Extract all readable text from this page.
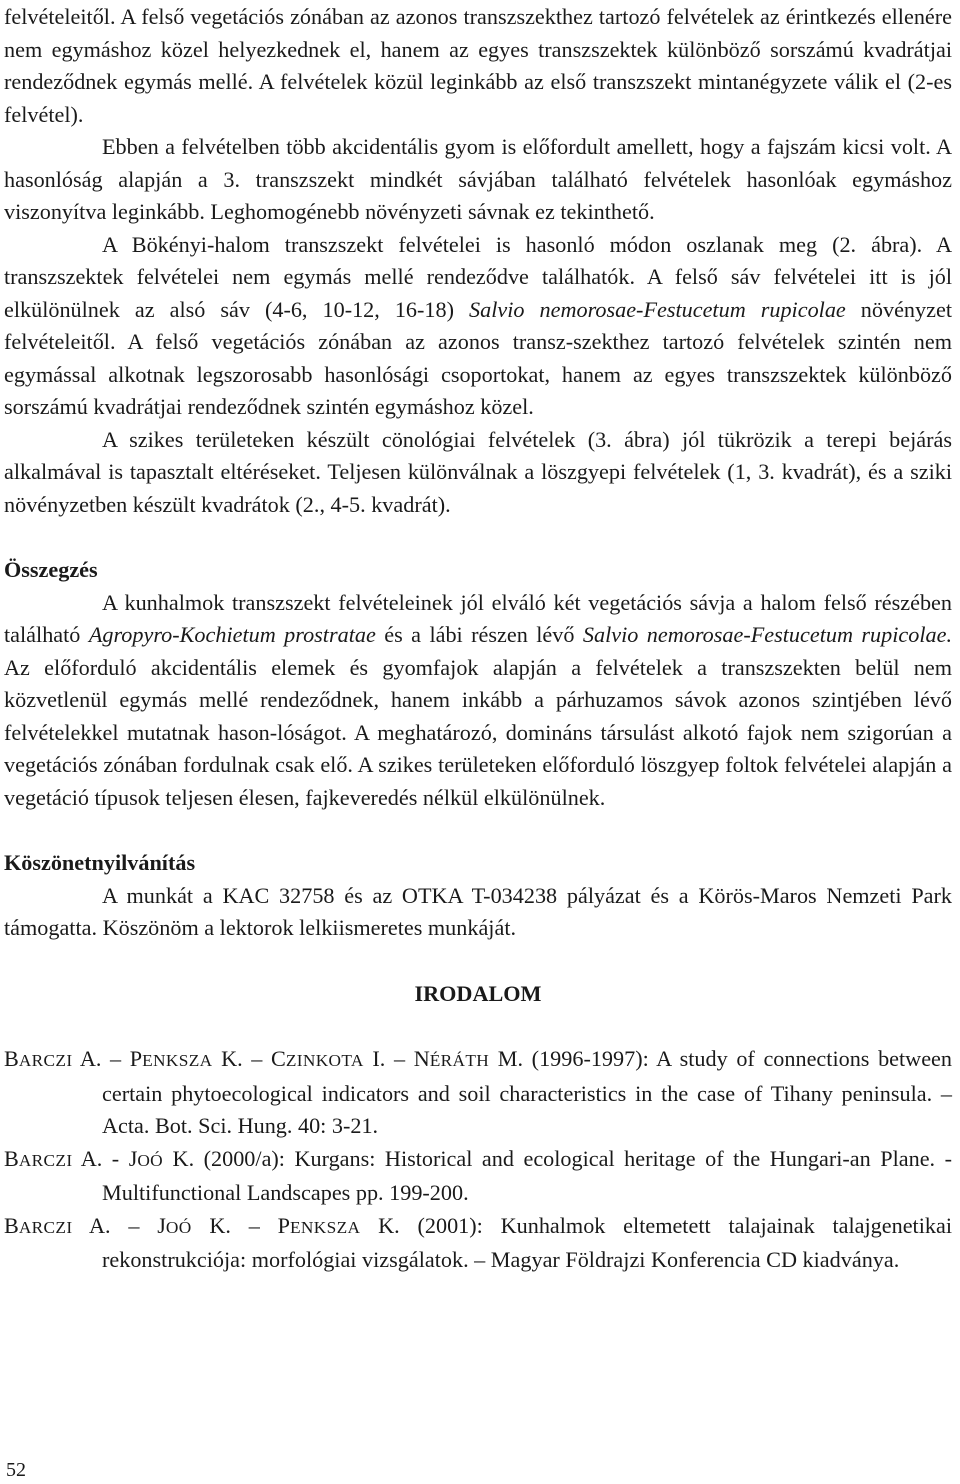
felvételeitől. A felső vegetációs zónában az azonos transzszekthez tartozó felvételek az érintkezés ellenére nem egymáshoz közel helyezkednek el, hanem az egyes transzszektek különböző sorszámú kvadrátjai rendeződnek egymás mellé. A felvételek közül leginkább az első transzszekt mintanégyzete válik el (2-es felvétel).

Ebben a felvételben több akcidentális gyom is előfordult amellett, hogy a fajszám kicsi volt. A hasonlóság alapján a 3. transzszekt mindkét sávjában található felvételek hasonlóak egymáshoz viszonyítva leginkább. Leghomogénebb növényzeti sávnak ez tekinthető.

A Bökényi-halom transzszekt felvételei is hasonló módon oszlanak meg (2. ábra). A transzszektek felvételei nem egymás mellé rendeződve találhatók. A felső sáv felvételei itt is jól elkülönülnek az alsó sáv (4-6, 10-12, 16-18) Salvio nemorosae-Festucetum rupicolae növényzet felvételeitől. A felső vegetációs zónában az azonos transz-szekthez tartozó felvételek szintén nem egymással alkotnak legszorosabb hasonlósági csoportokat, hanem az egyes transzszektek különböző sorszámú kvadrátjai rendeződnek szintén egymáshoz közel.

A szikes területeken készült cönológiai felvételek (3. ábra) jól tükrözik a terepi bejárás alkalmával is tapasztalt eltéréseket. Teljesen különválnak a löszgyepi felvételek (1, 3. kvadrát), és a sziki növényzetben készült kvadrátok (2., 4-5. kvadrát).

Összegzés

A kunhalmok transzszekt felvételeinek jól elváló két vegetációs sávja a halom felső részében található Agropyro-Kochietum prostratae és a lábi részen lévő Salvio nemorosae-Festucetum rupicolae. Az előforduló akcidentális elemek és gyomfajok alapján a felvételek a transzszekten belül nem közvetlenül egymás mellé rendeződnek, hanem inkább a párhuzamos sávok azonos szintjében lévő felvételekkel mutatnak hason-lóságot. A meghatározó, domináns társulást alkotó fajok nem szigorúan a vegetációs zónában fordulnak csak elő. A szikes területeken előforduló löszgyep foltok felvételei alapján a vegetáció típusok teljesen élesen, fajkeveredés nélkül elkülönülnek.

Köszönetnyilvánítás

A munkát a KAC 32758 és az OTKA T-034238 pályázat és a Körös-Maros Nemzeti Park támogatta. Köszönöm a lektorok lelkiismeretes munkáját.

IRODALOM

BARCZI A. – PENKSZA K. – CZINKOTA I. – NÉRÁTH M. (1996-1997): A study of connections between certain phytoecological indicators and soil characteristics in the case of Tihany peninsula. – Acta. Bot. Sci. Hung. 40: 3-21.

BARCZI A. - JOÓ K. (2000/a): Kurgans: Historical and ecological heritage of the Hungari-an Plane. - Multifunctional Landscapes pp. 199-200.

BARCZI A. – JOÓ K. – PENKSZA K. (2001): Kunhalmok eltemetett talajainak talajgenetikai rekonstrukciója: morfológiai vizsgálatok. – Magyar Földrajzi Konferencia CD kiadványa.

52
